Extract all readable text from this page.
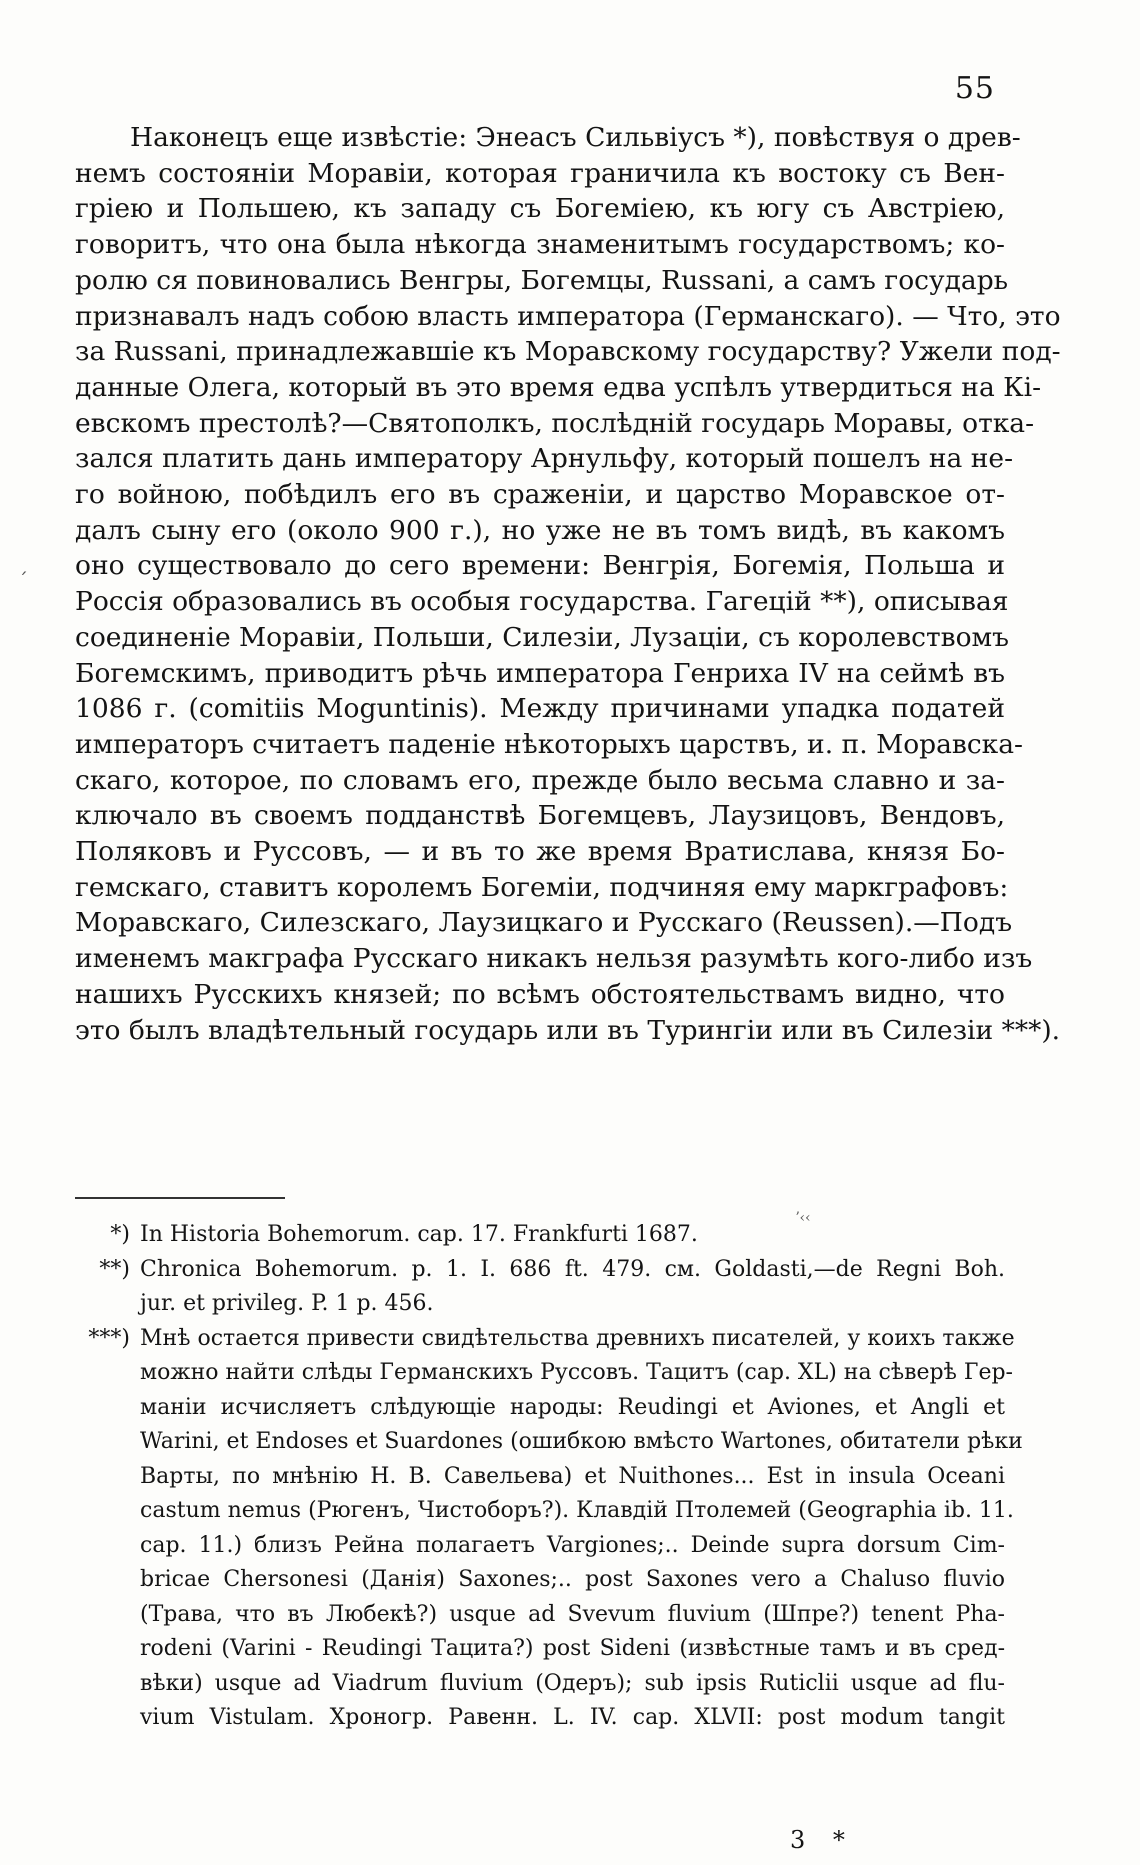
55
ˊ

Наконецъ еще извѣстіе: Энеасъ Сильвіусъ *), повѣствуя о древ-
немъ состояніи Моравіи, которая граничила къ востоку съ Вен-
гріею и Польшею, къ западу съ Богеміею, къ югу съ Австріею,
говоритъ, что она была нѣкогда знаменитымъ государствомъ; ко-
ролю ся повиновались Венгры, Богемцы, Russani, а самъ государь
признавалъ надъ собою власть императора (Германскаго). — Что, это
за Russani, принадлежавшіе къ Моравскому государству? Ужели под-
данные Олега, который въ это время едва успѣлъ утвердиться на Кі-
евскомъ престолѣ?—Святополкъ, послѣдній государь Моравы, отка-
зался платить дань императору Арнульфу, который пошелъ на не-
го войною, побѣдилъ его въ сраженіи, и царство Моравское от-
далъ сыну его (около 900 г.), но уже не въ томъ видѣ, въ какомъ
оно существовало до сего времени: Венгрія, Богемія, Польша и
Россія образовались въ особыя государства. Гагецій **), описывая
соединеніе Моравіи, Польши, Силезіи, Лузаціи, съ королевствомъ
Богемскимъ, приводитъ рѣчь императора Генриха IV на сеймѣ въ
1086 г. (comitiis Moguntinis). Между причинами упадка податей
императоръ считаетъ паденіе нѣкоторыхъ царствъ, и. п. Моравска-
скаго, которое, по словамъ его, прежде было весьма славно и за-
ключало въ своемъ подданствѣ Богемцевъ, Лаузицовъ, Вендовъ,
Поляковъ и Руссовъ, — и въ то же время Вратислава, князя Бо-
гемскаго, ставитъ королемъ Богеміи, подчиняя ему маркграфовъ:
Моравскаго, Силезскаго, Лаузицкаго и Русскаго (Reussen).—Подъ
именемъ макграфа Русскаго никакъ нельзя разумѣть кого-либо изъ
нашихъ Русскихъ князей; по всѣмъ обстоятельствамъ видно, что
это былъ владѣтельный государь или въ Турингіи или въ Силезіи ***).

ʼ‹‹
*) In Historia Bohemorum. cap. 17. Frankfurti 1687.
**) Chronica Bohemorum. p. 1. I. 686 ft. 479. см. Goldasti,—de Regni Boh.
jur. et privileg. P. 1 p. 456.
***) Мнѣ остается привести свидѣтельства древнихъ писателей, у коихъ также
можно найти слѣды Германскихъ Руссовъ. Тацитъ (cap. XL) на сѣверѣ Гер-
маніи исчисляетъ слѣдующіе народы: Reudingi et Aviones, et Angli et
Warini, et Endoses et Suardones (ошибкою вмѣсто Wartones, обитатели рѣки
Варты, по мнѣнію Н. В. Савельева) et Nuithones... Est in insula Oceani
castum nemus (Рюгенъ, Чистоборъ?). Клавдій Птолемей (Geographia ib. 11.
cap. 11.) близъ Рейна полагаетъ Vargiones;.. Deinde supra dorsum Cim-
bricae Chersonesi (Данія) Saxones;.. post Saxones vero a Chaluso fluvio
(Трава, что въ Любекѣ?) usque ad Svevum fluvium (Шпре?) tenent Pha-
rodeni (Varini - Reudingi Тацита?) post Sideni (извѣстные тамъ и въ сред-
вѣки) usque ad Viadrum fluvium (Одеръ); sub ipsis Ruticlii usque ad flu-
vium Vistulam. Хроногр. Равенн. L. IV. cap. XLVII: post modum tangit
3 *
